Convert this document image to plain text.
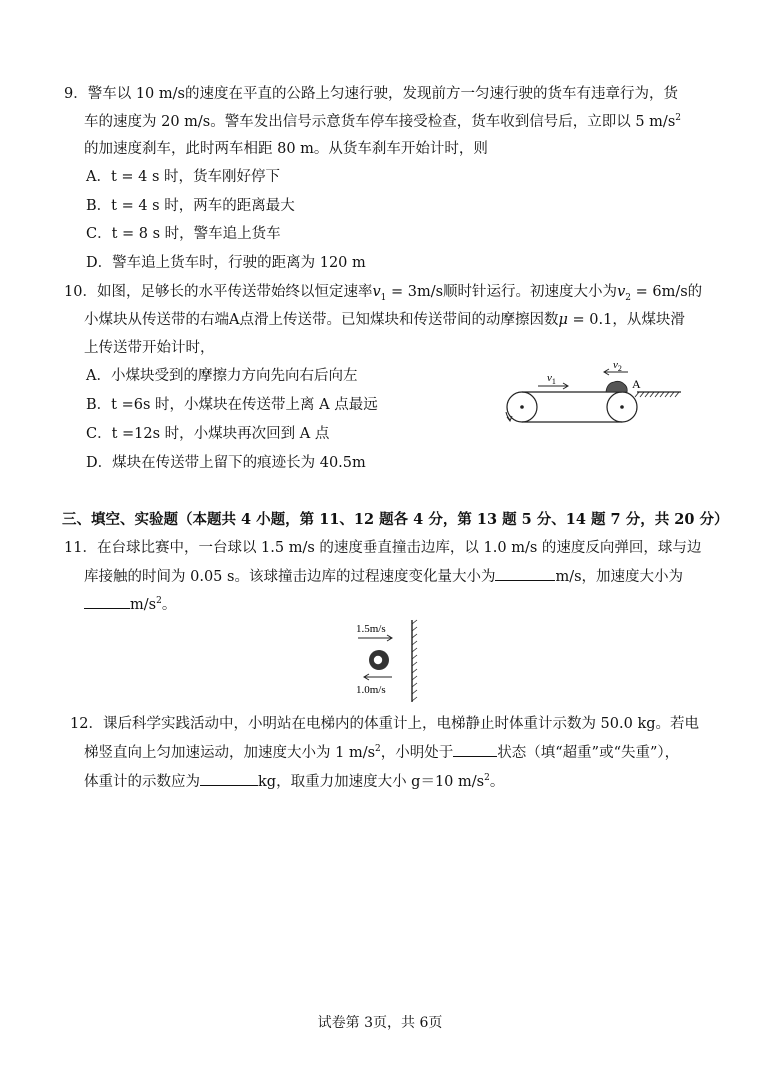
9．警车以 10 m/s的速度在平直的公路上匀速行驶，发现前方一匀速行驶的货车有违章行为，货
车的速度为 20 m/s。警车发出信号示意货车停车接受检查，货车收到信号后，立即以 5 $m/s^2$
的加速度刹车，此时两车相距 80 m。从货车刹车开始计时，则
A．t = 4 s 时，货车刚好停下
B．t = 4 s 时，两车的距离最大
C．t = 8 s 时，警车追上货车
D．警车追上货车时，行驶的距离为 120 m
10．如图，足够长的水平传送带始终以恒定速率$v_1 = 3m/s$顺时针运行。初速度大小为$v_2 = 6m/s$的
小煤块从传送带的右端A点滑上传送带。已知煤块和传送带间的动摩擦因数μ = 0.1，从煤块滑
上传送带开始计时，
A．小煤块受到的摩擦力方向先向右后向左
B．t =6s 时，小煤块在传送带上离 A 点最远
C．t =12s 时，小煤块再次回到 A 点
D．煤块在传送带上留下的痕迹长为 40.5m
$v_1$
$v_2$
A
三、填空、实验题（本题共 4 小题，第 11、12 题各 4 分，第 13 题 5 分、14 题 7 分，共 20 分）
11．在台球比赛中，一台球以 1.5 m/s 的速度垂直撞击边库，以 1.0 m/s 的速度反向弹回，球与边
库接触的时间为 0.05 s。该球撞击边库的过程速度变化量大小为	m/s，加速度大小为
$m/s^2$。
1.5m/s
1.0m/s
12．课后科学实践活动中，小明站在电梯内的体重计上，电梯静止时体重计示数为 50.0 kg。若电
梯竖直向上匀加速运动，加速度大小为 1 $m/s^2$，小明处于	状态（填“超重”或“失重”），
体重计的示数应为	kg，取重力加速度大小 g＝10 $m/s^2$。
试卷第 3页，共 6页
